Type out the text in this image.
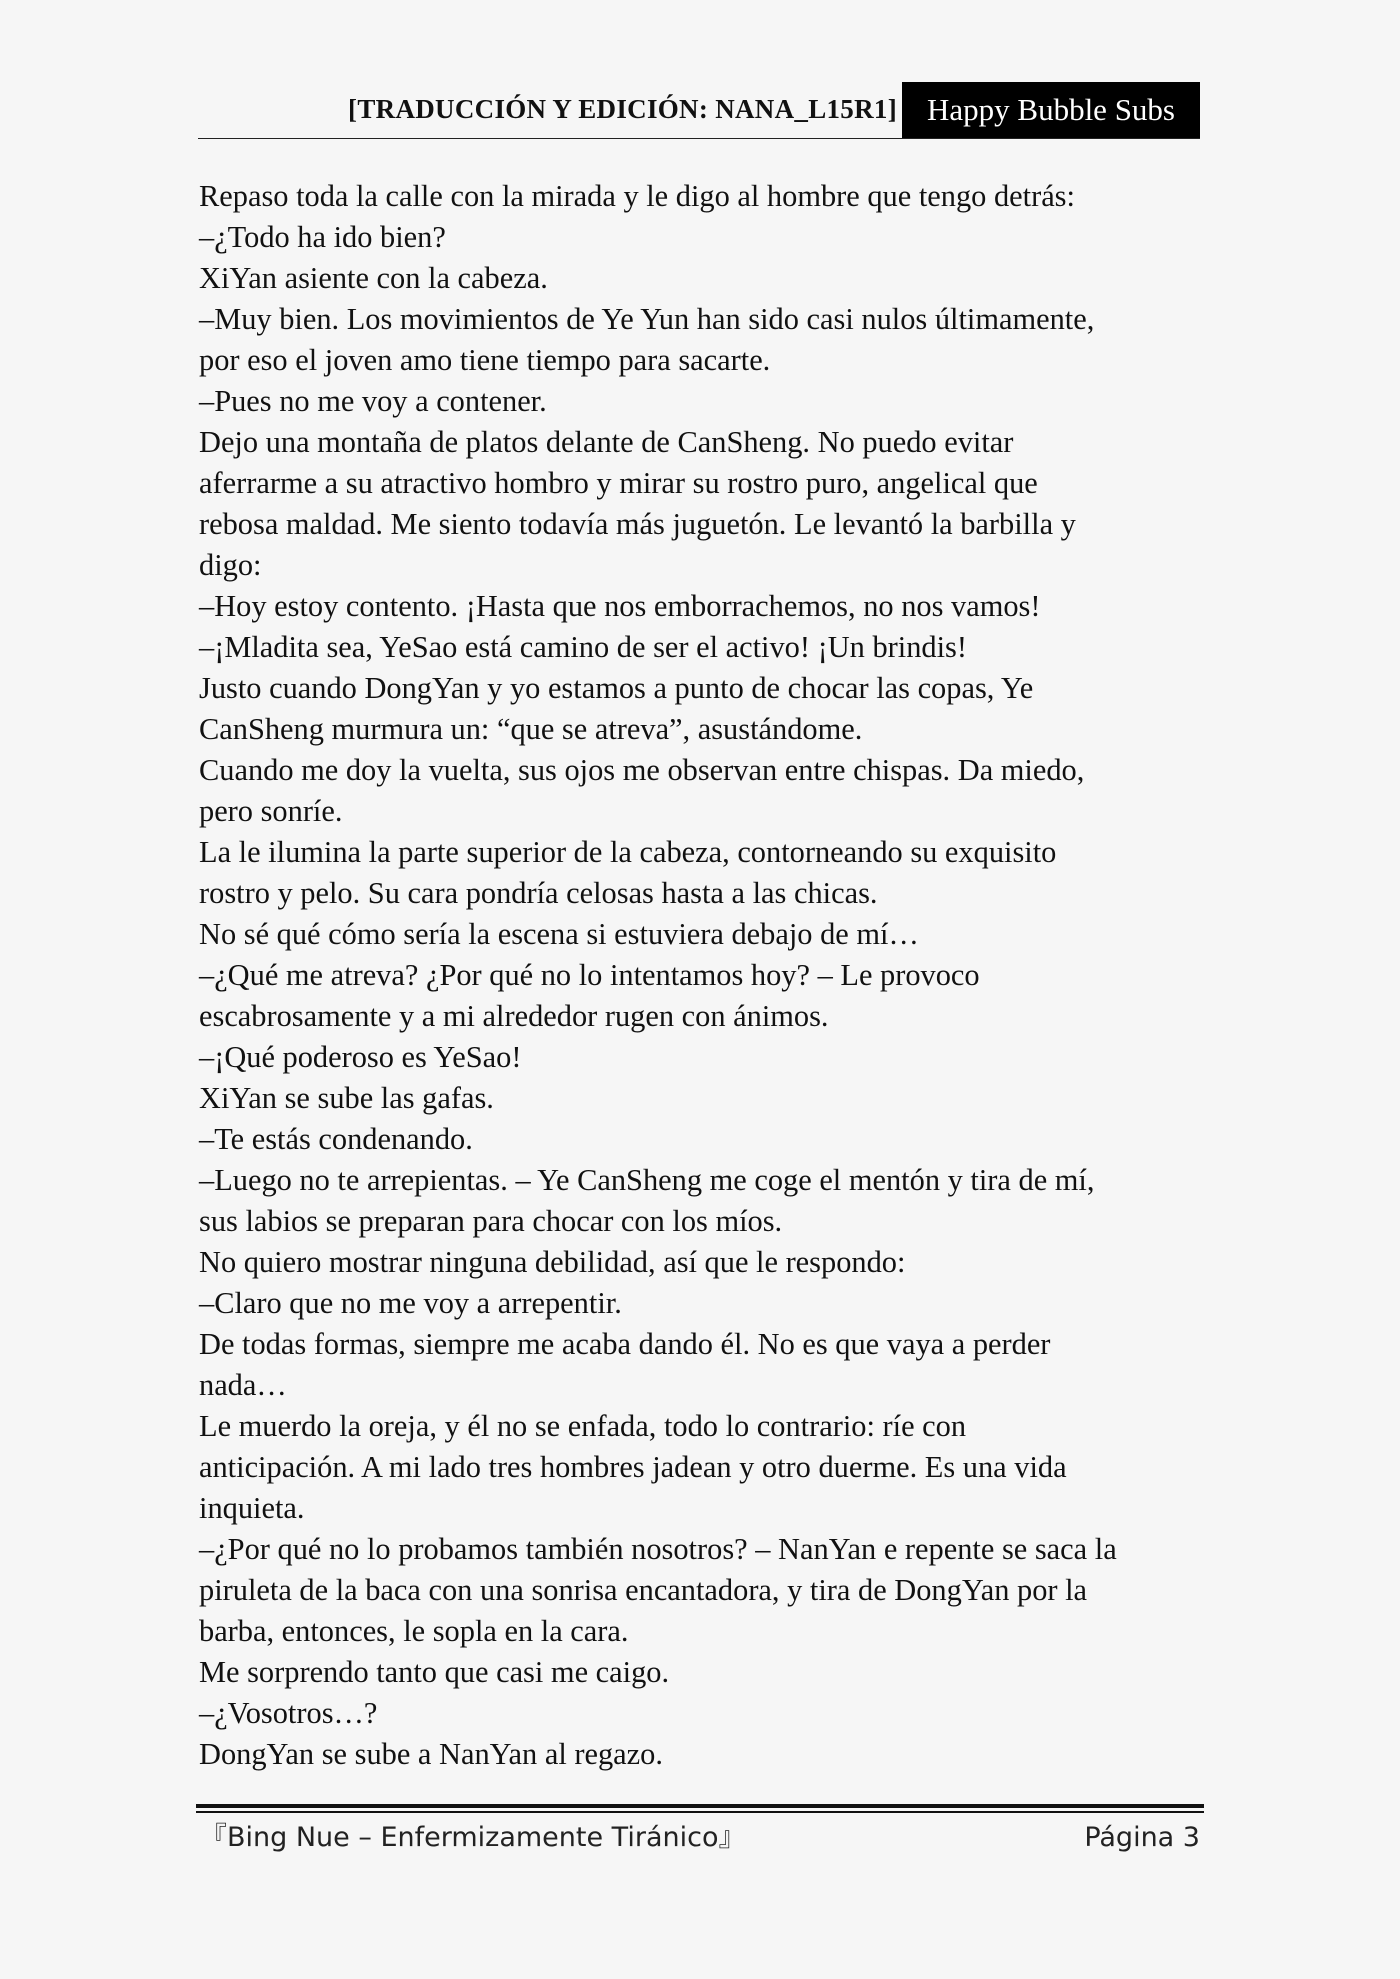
[TRADUCCIÓN Y EDICIÓN: NANA_L15R1] Happy Bubble Subs
Repaso toda la calle con la mirada y le digo al hombre que tengo detrás:
–¿Todo ha ido bien?
XiYan asiente con la cabeza.
–Muy bien. Los movimientos de Ye Yun han sido casi nulos últimamente,
por eso el joven amo tiene tiempo para sacarte.
–Pues no me voy a contener.
Dejo una montaña de platos delante de CanSheng. No puedo evitar
aferrarme a su atractivo hombro y mirar su rostro puro, angelical que
rebosa maldad. Me siento todavía más juguetón. Le levantó la barbilla y
digo:
–Hoy estoy contento. ¡Hasta que nos emborrachemos, no nos vamos!
–¡Mladita sea, YeSao está camino de ser el activo! ¡Un brindis!
Justo cuando DongYan y yo estamos a punto de chocar las copas, Ye
CanSheng murmura un: “que se atreva”, asustándome.
Cuando me doy la vuelta, sus ojos me observan entre chispas. Da miedo,
pero sonríe.
La le ilumina la parte superior de la cabeza, contorneando su exquisito
rostro y pelo. Su cara pondría celosas hasta a las chicas.
No sé qué cómo sería la escena si estuviera debajo de mí…
–¿Qué me atreva? ¿Por qué no lo intentamos hoy? – Le provoco
escabrosamente y a mi alrededor rugen con ánimos.
–¡Qué poderoso es YeSao!
XiYan se sube las gafas.
–Te estás condenando.
–Luego no te arrepientas. – Ye CanSheng me coge el mentón y tira de mí,
sus labios se preparan para chocar con los míos.
No quiero mostrar ninguna debilidad, así que le respondo:
–Claro que no me voy a arrepentir.
De todas formas, siempre me acaba dando él. No es que vaya a perder
nada…
Le muerdo la oreja, y él no se enfada, todo lo contrario: ríe con
anticipación. A mi lado tres hombres jadean y otro duerme. Es una vida
inquieta.
–¿Por qué no lo probamos también nosotros? – NanYan e repente se saca la
piruleta de la baca con una sonrisa encantadora, y tira de DongYan por la
barba, entonces, le sopla en la cara.
Me sorprendo tanto que casi me caigo.
–¿Vosotros…?
DongYan se sube a NanYan al regazo.
『Bing Nue – Enfermizamente Tiránico』	Página 3
